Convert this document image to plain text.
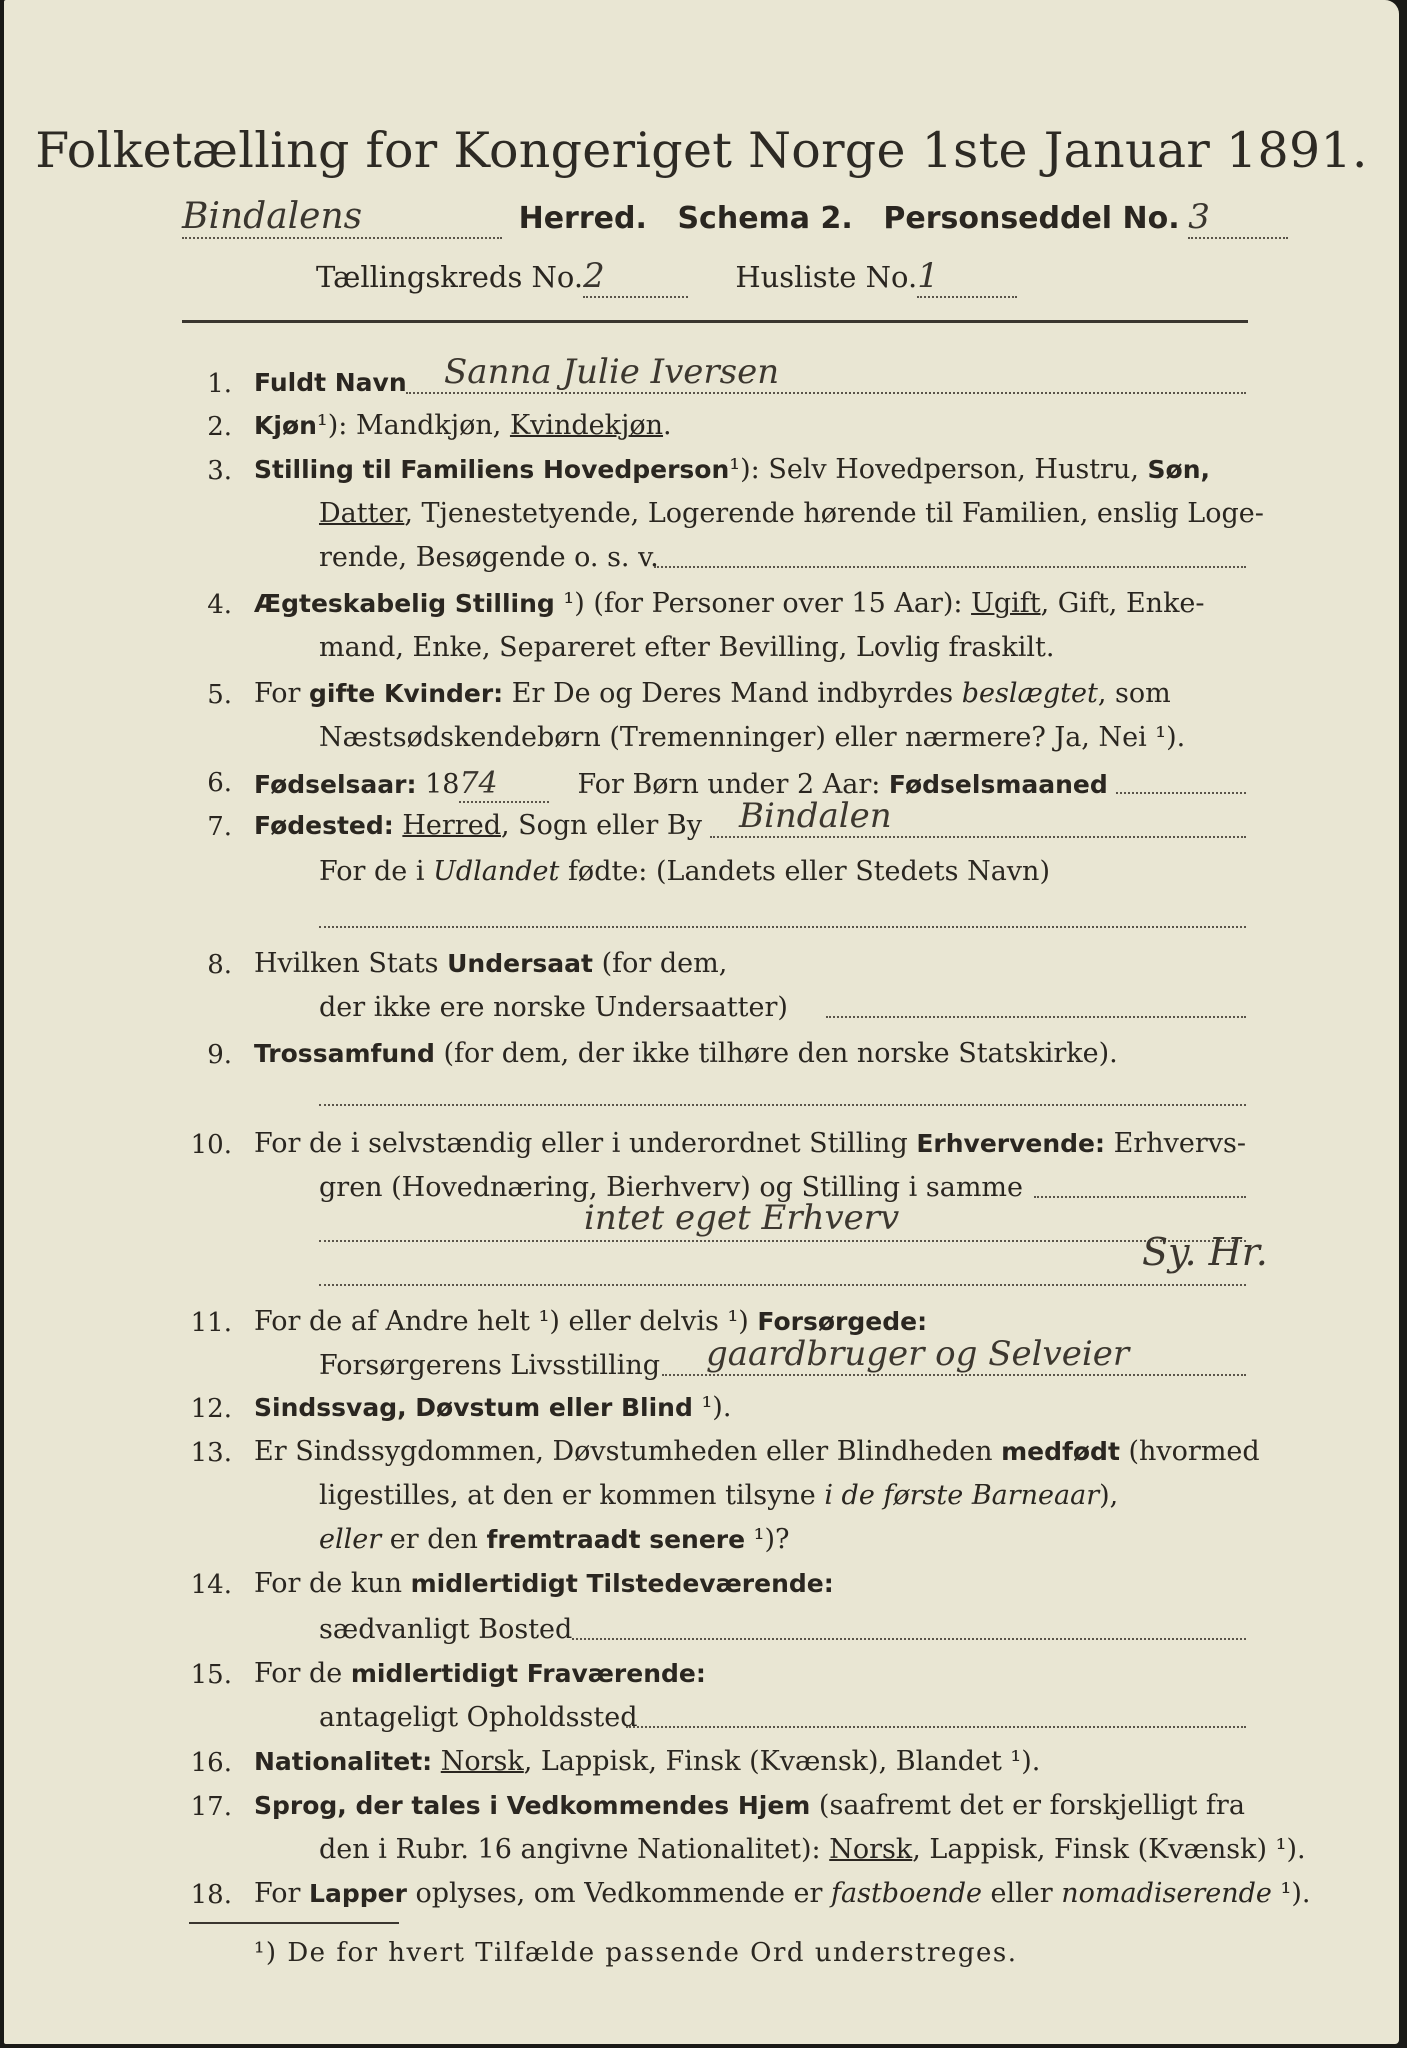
Folketælling for Kongeriget Norge 1ste Januar 1891.
Bindalens	Herred. Schema 2. Personseddel No. 3
Tællingskreds No.2	Husliste No.1
1. Fuldt Navn Sanna Julie Iversen
2. Kjøn¹): Mandkjøn, Kvindekjøn.
3. Stilling til Familiens Hovedperson¹): Selv Hovedperson, Hustru, Søn,
Datter, Tjenestetyende, Logerende hørende til Familien, enslig Loge-
rende, Besøgende o. s. v.
4. Ægteskabelig Stilling ¹) (for Personer over 15 Aar): Ugift, Gift, Enke-
mand, Enke, Separeret efter Bevilling, Lovlig fraskilt.
5. For gifte Kvinder: Er De og Deres Mand indbyrdes beslægtet, som
Næstsødskendebørn (Tremenninger) eller nærmere? Ja, Nei ¹).
6. Fødselsaar: 1874	For Børn under 2 Aar: Fødselsmaaned
7. Fødested: Herred, Sogn eller By Bindalen
For de i Udlandet fødte: (Landets eller Stedets Navn)
8. Hvilken Stats Undersaat (for dem,
der ikke ere norske Undersaatter)
9. Trossamfund (for dem, der ikke tilhøre den norske Statskirke).
10. For de i selvstændig eller i underordnet Stilling Erhvervende: Erhvervs-
gren (Hovednæring, Bierhverv) og Stilling i samme
intet eget Erhverv
Sy. Hr.
11. For de af Andre helt ¹) eller delvis ¹) Forsørgede:
Forsørgerens Livsstilling gaardbruger og Selveier
12. Sindssvag, Døvstum eller Blind ¹).
13. Er Sindssygdommen, Døvstumheden eller Blindheden medfødt (hvormed
ligestilles, at den er kommen tilsyne i de første Barneaar),
eller er den fremtraadt senere ¹)?
14. For de kun midlertidigt Tilstedeværende:
sædvanligt Bosted
15. For de midlertidigt Fraværende:
antageligt Opholdssted
16. Nationalitet: Norsk, Lappisk, Finsk (Kvænsk), Blandet ¹).
17. Sprog, der tales i Vedkommendes Hjem (saafremt det er forskjelligt fra
den i Rubr. 16 angivne Nationalitet): Norsk, Lappisk, Finsk (Kvænsk) ¹).
18. For Lapper oplyses, om Vedkommende er fastboende eller nomadiserende ¹).
¹) De for hvert Tilfælde passende Ord understreges.
